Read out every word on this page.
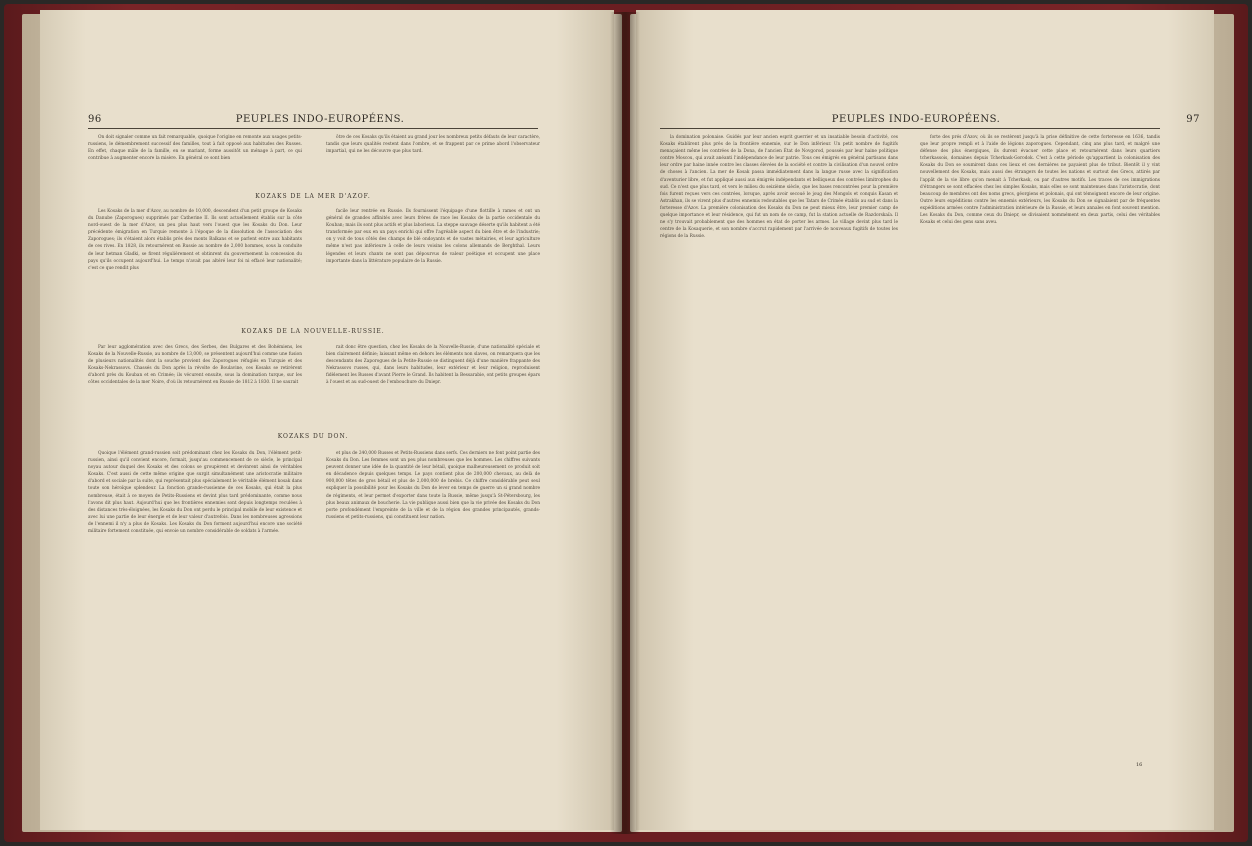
96	PEUPLES INDO-EUROPÉENS.

On doit signaler comme un fait remarquable, quoique l'origine en remonte aux usages petits-russiens, le démembrement successif des familles, tout à fait opposé aux habitudes des Russes. En effet, chaque mâle de la famille, en se mariant, forme aussitôt un ménage à part, ce qui contribue à augmenter encore la misère. En général ce sont bien

ôtre de ces Kosaks qu'ils étaient au grand jour les nombreux petits défauts de leur caractère, tandis que leurs qualités restent dans l'ombre, et se frappent par ce prime abord l'observateur impartial, qui ne les découvre que plus tard.

KOZAKS DE LA MER D'AZOF.

Les Kosaks de la mer d'Azov, au nombre de 10,000, descendent d'un petit groupe de Kosaks du Danube (Zaporogues) supprimés par Catherine II. Ils sont actuellement établis sur la côte nord-ouest de la mer d'Azov, un peu plus haut vers l'ouest que les Kosaks du Don. Leur précédente émigration en Turquie remonte à l'époque de la dissolution de l'association des Zaporogues; ils s'étaient alors établis près des monts Balkans et se parlent entre aux habitants de ces rives. En 1828, ils retournèrent en Russie au nombre de 2,000 hommes, sous la conduite de leur hetman Gladki, se firent régulièrement et obtinrent du gouvernement la concession du pays qu'ils occupent aujourd'hui. Le temps n'avait pas altéré leur foi ni effacé leur nationalité; c'est ce que rendit plus

facile leur rentrée en Russie. Ils fournissent l'équipage d'une flottille à rames et ont un général de grandes affinités avec leurs frères de race les Kosaks de la partie occidentale du Kouban; mais ils sont plus actifs et plus laborieux. La steppe sauvage déserte qu'ils habitent a été transformée par eux en un pays enrichi qui offre l'agréable aspect du bien être et de l'industrie; on y voit de tous côtés des champs de blé ondoyants et de vastes métairies, et leur agriculture même n'est pas inférieure à celle de leurs voisins les colons allemands de Berghthal. Leurs légendes et leurs chants ne sont pas dépourvus de valeur poétique et occupent une place importante dans la littérature populaire de la Russie.

KOZAKS DE LA NOUVELLE-RUSSIE.

Par leur agglomération avec des Grecs, des Serbes, des Bulgares et des Bohémiens, les Kosaks de la Nouvelle-Russie, au nombre de 13,000, se présentent aujourd'hui comme une fusion de plusieurs nationalités dont la souche provient des Zaporogues réfugiés en Turquie et des Kosaks-Nekrassovs. Chassés du Don après la révolte de Boulavine, ces Kosaks se retirèrent d'abord près du Kouban et en Crimée; ils vécurent ensuite, sous la domination turque, sur les côtes occidentales de la mer Noire, d'où ils retournèrent en Russie de 1812 à 1830. Il ne saurait

rait donc être question, chez les Kosaks de la Nouvelle-Russie, d'une nationalité spéciale et bien clairement définie; laissant même en dehors les éléments non slaves, on remarquera que les descendants des Zaporogues de la Petite-Russie se distinguent déjà d'une manière frappante des Nekrassovs russes, qui, dans leurs habitudes, leur extérieur et leur religion, reproduisent fidèlement les Russes d'avant Pierre le Grand. Ils habitent la Bessarabie, ont petits groupes épars à l'ouest et au sud-ouest de l'embouchure du Dniepr.

KOZAKS DU DON.

Quoique l'élément grand-russien soit prédominant chez les Kosaks du Don, l'élément petit-russien, ainsi qu'il convient encore, formait, jusqu'au commencement de ce siècle, le principal noyau autour duquel des Kosaks et des colons se groupèrent et devinrent ainsi de véritables Kosaks. C'est aussi de cette même origine que surgit simultanément une aristocratie militaire d'abord et sociale par la suite, qui représentait plus spécialement le véritable élément kosak dans toute son héroïque splendeur. La fonction grande-russienne de ces Kosaks, qui était la plus nombreuse, était à ce moyen de Petits-Russiens et devint plus tard prédominante, comme nous l'avons dit plus haut. Aujourd'hui que les frontières ennemies sont depuis longtemps reculées à des distances très-éloignées, les Kosaks du Don ont perdu le principal mobile de leur existence et avec lui une partie de leur énergie et de leur valeur d'autrefois. Dans les nombreuses agressions de l'ennemi il n'y a plus de Kosaks. Les Kosaks du Don forment aujourd'hui encore une société militaire fortement constituée, qui envoie un nombre considérable de soldats à l'armée.

et plus de 240,000 Russes et Petits-Russiens dans serfs. Ces derniers ne font point partie des Kosaks du Don. Les femmes sont un peu plus nombreuses que les hommes. Les chiffres suivants peuvent donner une idée de la quantité de leur bétail, quoique malheureusement ce produit soit en décadence depuis quelques temps. Le pays contient plus de 200,000 chevaux, au delà de 900,000 têtes de gros bétail et plus de 2,000,000 de brebis. Ce chiffre considérable peut seul expliquer la possibilité pour les Kosaks du Don de lever en temps de guerre un si grand nombre de régiments, et leur permet d'exporter dans toute la Russie, même jusqu'à St-Pétersbourg, les plus beaux animaux de boucherie. La vie publique aussi bien que la vie privée des Kosaks du Don porte profondément l'empreinte de la ville et de la région des grandes principautés, grands-russiens et petits-russiens, qui constituent leur nation.

PEUPLES INDO-EUROPÉENS.	97

la domination polonaise. Guidés par leur ancien esprit guerrier et un insatiable besoin d'activité, ces Kosaks établirent plus près de la frontière ennemie, sur le Don inférieur. Un petit nombre de fugitifs menaçaient même les contrées de la Dona, de l'ancien État de Novgorod, poussés par leur haine politique contre Moscou, qui avait anéanti l'indépendance de leur patrie. Tous ces émigrés en général partisans dans leur ordre par haine innée contre les classes élevées de la société et contre la civilisation d'un nouvel ordre de choses à l'ancien. La mer de Kosak passa immédiatement dans la langue russe avec la signification d'aventurier libre, et fut appliqué aussi aux émigrés indépendants et belliqueux des contrées limitrophes du sud. Ce n'est que plus tard, et vers le milieu du seizième siècle, que les bases rencontrées pour la première fois furent reçues vers ces contrées, lorsque, après avoir secoué le joug des Mongols et conquis Kasan et Astrakhan, ils se virent plus d'autres ennemis redoutables que les Tatars de Crimée établis au sud et dans la forteresse d'Azov. La première colonisation des Kosaks du Don ne peut mieux être, leur premier camp de quelque importance et leur résidence, qui fut un nom de ce camp, fut la station actuelle de Razdorskaïa. Il ne s'y trouvait probablement que des hommes en état de porter les armes. Le village devint plus tard le centre de la Kosaquerie, et son nombre s'accrut rapidement par l'arrivée de nouveaux fugitifs de toutes les régions de la Russie.

forte des prés d'Azov, où ils se restèrent jusqu'à la prise définitive de cette forteresse en 1636, tandis que leur propre rempli et à l'aide de légions zaporogues. Cependant, cinq ans plus tard, et malgré une défense des plus énergiques, ils durent évacuer cette place et retournèrent dans leurs quartiers tcherkassois, domaines depuis Tcherkask-Gorodok. C'est à cette période qu'appartient la colonisation des Kosaks du Don se soumirent dans ces lieux et ces dernières ne payaient plus de tribut. Bientôt il y vint nouvellement des Kosaks, mais aussi des étrangers de toutes les nations et surtout des Grecs, attirés par l'appât de la vie libre qu'on menait à Tcherkask, ou par d'autres motifs. Les traces de ces immigrations d'étrangers se sont effacées chez les simples Kosaks, mais elles se sont maintenues dans l'aristocratie, dont beaucoup de membres ont des noms grecs, géorgiens et polonais, qui ont témoignent encore de leur origine. Outre leurs expéditions contre les ennemis extérieurs, les Kosaks du Don se signalaient par de fréquentes expéditions armées contre l'administration intérieure de la Russie, et leurs annales en font souvent mention. Les Kosaks du Don, comme ceux du Dniepr, se divisaient nommément en deux partis, celui des véritables Kosaks et celui des gens sans aveu.

16
